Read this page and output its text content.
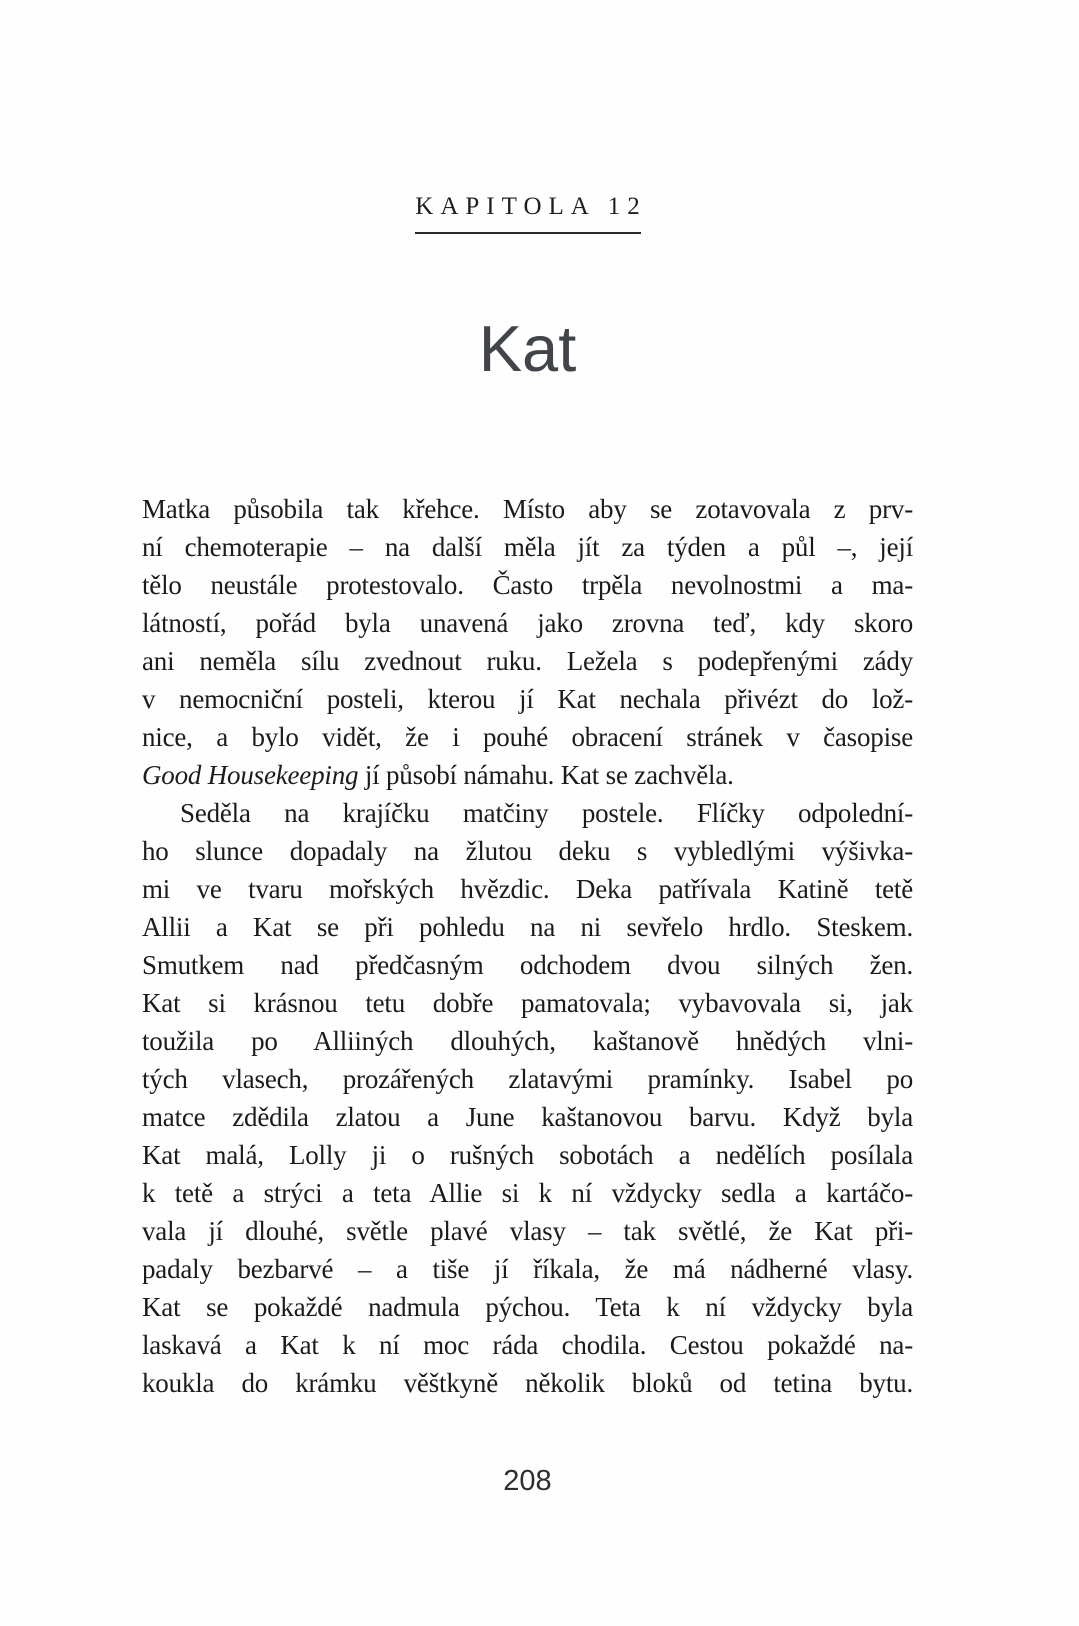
KAPITOLA 12
Kat
Matka působila tak křehce. Místo aby se zotavovala z prv-
ní chemoterapie – na další měla jít za týden a půl –, její
tělo neustále protestovalo. Často trpěla nevolnostmi a ma-
látností, pořád byla unavená jako zrovna teď, kdy skoro
ani neměla sílu zvednout ruku. Ležela s podepřenými zády
v nemocniční posteli, kterou jí Kat nechala přivézt do lož-
nice, a bylo vidět, že i pouhé obracení stránek v časopise
Good Housekeeping jí působí námahu. Kat se zachvěla.
Seděla na krajíčku matčiny postele. Flíčky odpolední-
ho slunce dopadaly na žlutou deku s vybledlými výšivka-
mi ve tvaru mořských hvězdic. Deka patřívala Katině tetě
Allii a Kat se při pohledu na ni sevřelo hrdlo. Steskem.
Smutkem nad předčasným odchodem dvou silných žen.
Kat si krásnou tetu dobře pamatovala; vybavovala si, jak
toužila po Alliiných dlouhých, kaštanově hnědých vlni-
tých vlasech, prozářených zlatavými pramínky. Isabel po
matce zdědila zlatou a June kaštanovou barvu. Když byla
Kat malá, Lolly ji o rušných sobotách a nedělích posílala
k tetě a strýci a teta Allie si k ní vždycky sedla a kartáčo-
vala jí dlouhé, světle plavé vlasy – tak světlé, že Kat při-
padaly bezbarvé – a tiše jí říkala, že má nádherné vlasy.
Kat se pokaždé nadmula pýchou. Teta k ní vždycky byla
laskavá a Kat k ní moc ráda chodila. Cestou pokaždé na-
koukla do krámku věštkyně několik bloků od tetina bytu.
208
